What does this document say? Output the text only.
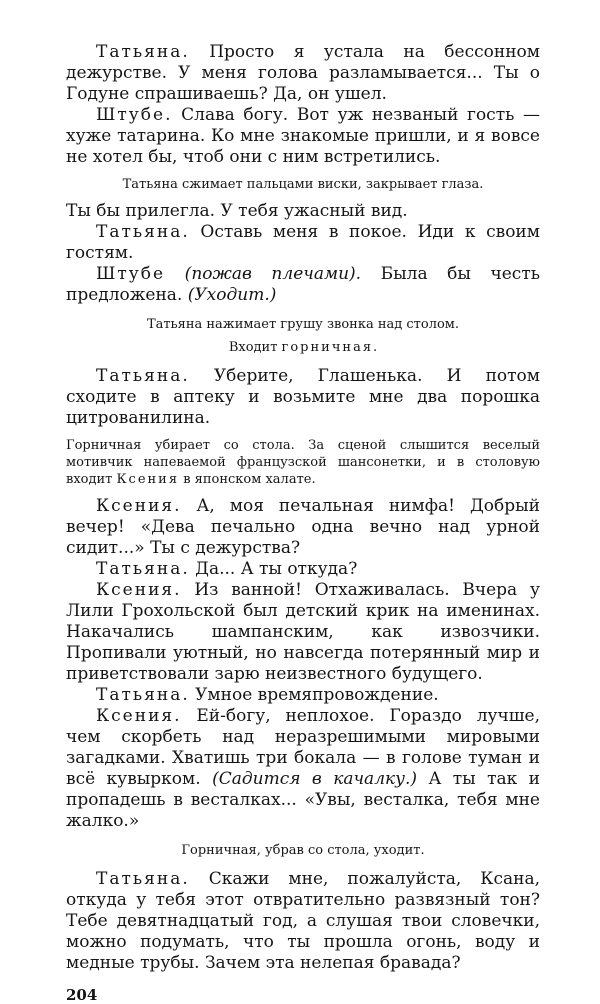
Татьяна. Просто я устала на бессонном дежурстве. У меня голова разламывается... Ты о Годуне спрашиваешь? Да, он ушел.

Штубе. Слава богу. Вот уж незваный гость — хуже татарина. Ко мне знакомые пришли, и я вовсе не хотел бы, чтоб они с ним встретились.

Татьяна сжимает пальцами виски, закрывает глаза.

Ты бы прилегла. У тебя ужасный вид.

Татьяна. Оставь меня в покое. Иди к своим гостям.

Штубе (пожав плечами). Была бы честь предложена. (Уходит.)

Татьяна нажимает грушу звонка над столом.

Входит горничная.

Татьяна. Уберите, Глашенька. И потом сходите в аптеку и возьмите мне два порошка цитрованилина.

Горничная убирает со стола. За сценой слышится веселый мотивчик напеваемой французской шансонетки, и в столовую входит Ксения в японском халате.

Ксения. А, моя печальная нимфа! Добрый вечер! «Дева печально одна вечно над урной сидит...» Ты с дежурства?

Татьяна. Да... А ты откуда?

Ксения. Из ванной! Отхаживалась. Вчера у Лили Грохольской был детский крик на именинах. Накачались шампанским, как извозчики. Пропивали уютный, но навсегда потерянный мир и приветствовали зарю неизвестного будущего.

Татьяна. Умное времяпровождение.

Ксения. Ей-богу, неплохое. Гораздо лучше, чем скорбеть над неразрешимыми мировыми загадками. Хватишь три бокала — в голове туман и всё кувырком. (Садится в качалку.) А ты так и пропадешь в весталках... «Увы, весталка, тебя мне жалко.»

Горничная, убрав со стола, уходит.

Татьяна. Скажи мне, пожалуйста, Ксана, откуда у тебя этот отвратительно развязный тон? Тебе девятнадцатый год, а слушая твои словечки, можно подумать, что ты прошла огонь, воду и медные трубы. Зачем эта нелепая бравада?

204
